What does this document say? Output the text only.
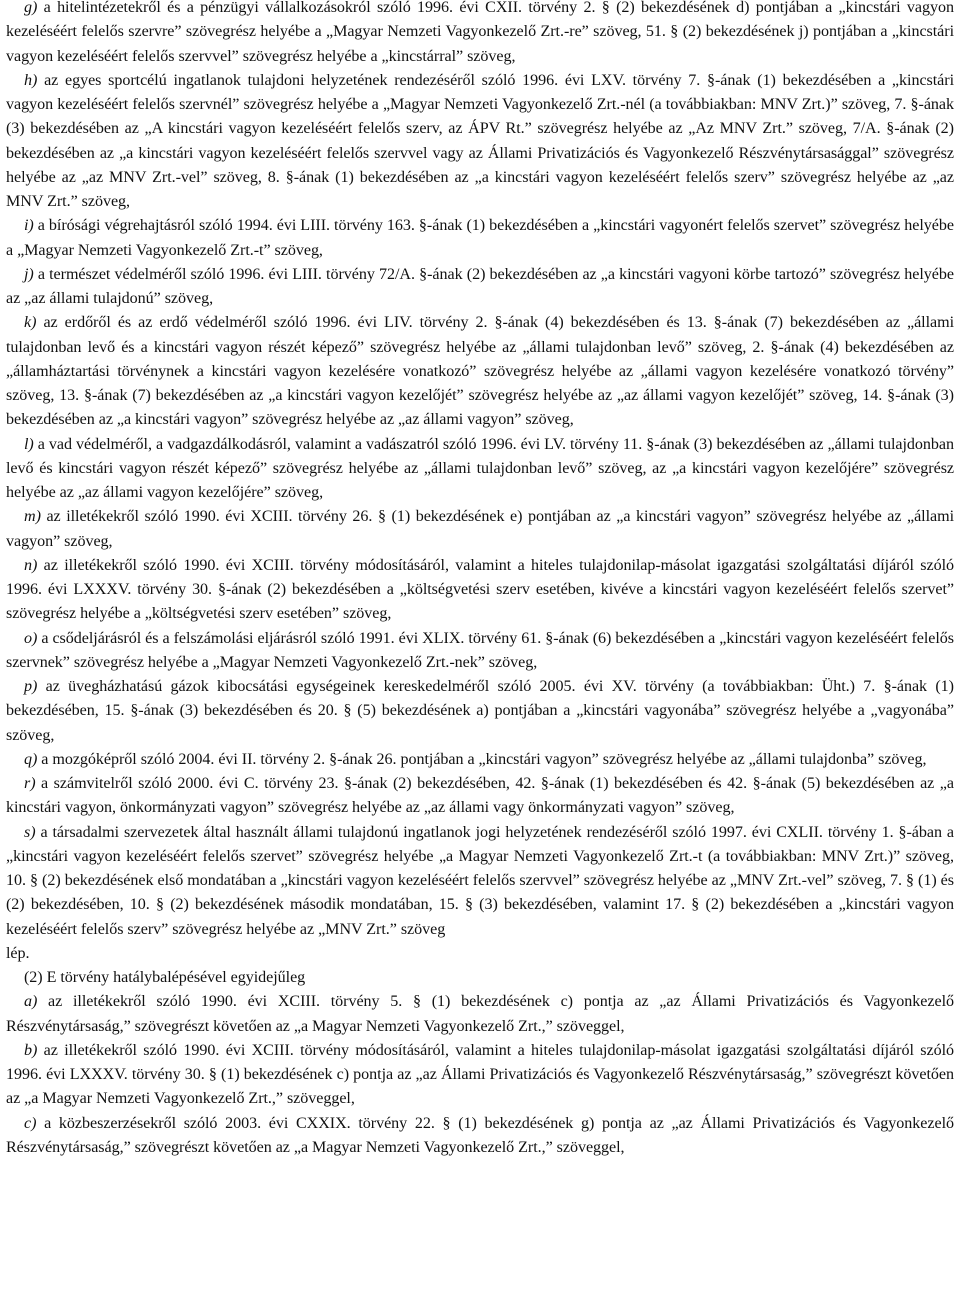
g) a hitelintézetekről és a pénzügyi vállalkozásokról szóló 1996. évi CXII. törvény 2. § (2) bekezdésének d) pontjában a „kincstári vagyon kezeléséért felelős szervre” szövegrész helyébe a „Magyar Nemzeti Vagyonkezelő Zrt.-re” szöveg, 51. § (2) bekezdésének j) pontjában a „kincstári vagyon kezeléséért felelős szervvel” szövegrész helyébe a „kincstárral” szöveg,

h) az egyes sportcélú ingatlanok tulajdoni helyzetének rendezéséről szóló 1996. évi LXV. törvény 7. §-ának (1) bekezdésében a „kincstári vagyon kezeléséért felelős szervnél” szövegrész helyébe a „Magyar Nemzeti Vagyonkezelő Zrt.-nél (a továbbiakban: MNV Zrt.)” szöveg, 7. §-ának (3) bekezdésében az „A kincstári vagyon kezeléséért felelős szerv, az ÁPV Rt.” szövegrész helyébe az „Az MNV Zrt.” szöveg, 7/A. §-ának (2) bekezdésében az „a kincstári vagyon kezeléséért felelős szervvel vagy az Állami Privatizációs és Vagyonkezelő Részvénytársasággal” szövegrész helyébe az „az MNV Zrt.-vel” szöveg, 8. §-ának (1) bekezdésében az „a kincstári vagyon kezeléséért felelős szerv” szövegrész helyébe az „az MNV Zrt.” szöveg,

i) a bírósági végrehajtásról szóló 1994. évi LIII. törvény 163. §-ának (1) bekezdésében a „kincstári vagyonért felelős szervet” szövegrész helyébe a „Magyar Nemzeti Vagyonkezelő Zrt.-t” szöveg,

j) a természet védelméről szóló 1996. évi LIII. törvény 72/A. §-ának (2) bekezdésében az „a kincstári vagyoni körbe tartozó” szövegrész helyébe az „az állami tulajdonú” szöveg,

k) az erdőről és az erdő védelméről szóló 1996. évi LIV. törvény 2. §-ának (4) bekezdésében és 13. §-ának (7) bekezdésében az „állami tulajdonban levő és a kincstári vagyon részét képező” szövegrész helyébe az „állami tulajdonban levő” szöveg, 2. §-ának (4) bekezdésében az „államháztartási törvénynek a kincstári vagyon kezelésére vonatkozó” szövegrész helyébe az „állami vagyon kezelésére vonatkozó törvény” szöveg, 13. §-ának (7) bekezdésében az „a kincstári vagyon kezelőjét” szövegrész helyébe az „az állami vagyon kezelőjét” szöveg, 14. §-ának (3) bekezdésében az „a kincstári vagyon” szövegrész helyébe az „az állami vagyon” szöveg,

l) a vad védelméről, a vadgazdálkodásról, valamint a vadászatról szóló 1996. évi LV. törvény 11. §-ának (3) bekezdésében az „állami tulajdonban levő és kincstári vagyon részét képező” szövegrész helyébe az „állami tulajdonban levő” szöveg, az „a kincstári vagyon kezelőjére” szövegrész helyébe az „az állami vagyon kezelőjére” szöveg,

m) az illetékekről szóló 1990. évi XCIII. törvény 26. § (1) bekezdésének e) pontjában az „a kincstári vagyon” szövegrész helyébe az „állami vagyon” szöveg,

n) az illetékekről szóló 1990. évi XCIII. törvény módosításáról, valamint a hiteles tulajdonilap-másolat igazgatási szolgáltatási díjáról szóló 1996. évi LXXXV. törvény 30. §-ának (2) bekezdésében a „költségvetési szerv esetében, kivéve a kincstári vagyon kezeléséért felelős szervet” szövegrész helyébe a „költségvetési szerv esetében” szöveg,

o) a csődeljárásról és a felszámolási eljárásról szóló 1991. évi XLIX. törvény 61. §-ának (6) bekezdésében a „kincstári vagyon kezeléséért felelős szervnek” szövegrész helyébe a „Magyar Nemzeti Vagyonkezelő Zrt.-nek” szöveg,

p) az üvegházhatású gázok kibocsátási egységeinek kereskedelméről szóló 2005. évi XV. törvény (a továbbiakban: Üht.) 7. §-ának (1) bekezdésében, 15. §-ának (3) bekezdésében és 20. § (5) bekezdésének a) pontjában a „kincstári vagyonába” szövegrész helyébe a „vagyonába” szöveg,

q) a mozgóképről szóló 2004. évi II. törvény 2. §-ának 26. pontjában a „kincstári vagyon” szövegrész helyébe az „állami tulajdonba” szöveg,

r) a számvitelről szóló 2000. évi C. törvény 23. §-ának (2) bekezdésében, 42. §-ának (1) bekezdésében és 42. §-ának (5) bekezdésében az „a kincstári vagyon, önkormányzati vagyon” szövegrész helyébe az „az állami vagy önkormányzati vagyon” szöveg,

s) a társadalmi szervezetek által használt állami tulajdonú ingatlanok jogi helyzetének rendezéséről szóló 1997. évi CXLII. törvény 1. §-ában a „kincstári vagyon kezeléséért felelős szervet” szövegrész helyébe „a Magyar Nemzeti Vagyonkezelő Zrt.-t (a továbbiakban: MNV Zrt.)” szöveg, 10. § (2) bekezdésének első mondatában a „kincstári vagyon kezeléséért felelős szervvel” szövegrész helyébe az „MNV Zrt.-vel” szöveg, 7. § (1) és (2) bekezdésében, 10. § (2) bekezdésének második mondatában, 15. § (3) bekezdésében, valamint 17. § (2) bekezdésében a „kincstári vagyon kezeléséért felelős szerv” szövegrész helyébe az „MNV Zrt.” szöveg

lép.

(2) E törvény hatálybalépésével egyidejűleg

a) az illetékekről szóló 1990. évi XCIII. törvény 5. § (1) bekezdésének c) pontja az „az Állami Privatizációs és Vagyonkezelő Részvénytársaság,” szövegrészt követően az „a Magyar Nemzeti Vagyonkezelő Zrt.,” szöveggel,

b) az illetékekről szóló 1990. évi XCIII. törvény módosításáról, valamint a hiteles tulajdonilap-másolat igazgatási szolgáltatási díjáról szóló 1996. évi LXXXV. törvény 30. § (1) bekezdésének c) pontja az „az Állami Privatizációs és Vagyonkezelő Részvénytársaság,” szövegrészt követően az „a Magyar Nemzeti Vagyonkezelő Zrt.,” szöveggel,

c) a közbeszerzésekről szóló 2003. évi CXXIX. törvény 22. § (1) bekezdésének g) pontja az „az Állami Privatizációs és Vagyonkezelő Részvénytársaság,” szövegrészt követően az „a Magyar Nemzeti Vagyonkezelő Zrt.,” szöveggel,
